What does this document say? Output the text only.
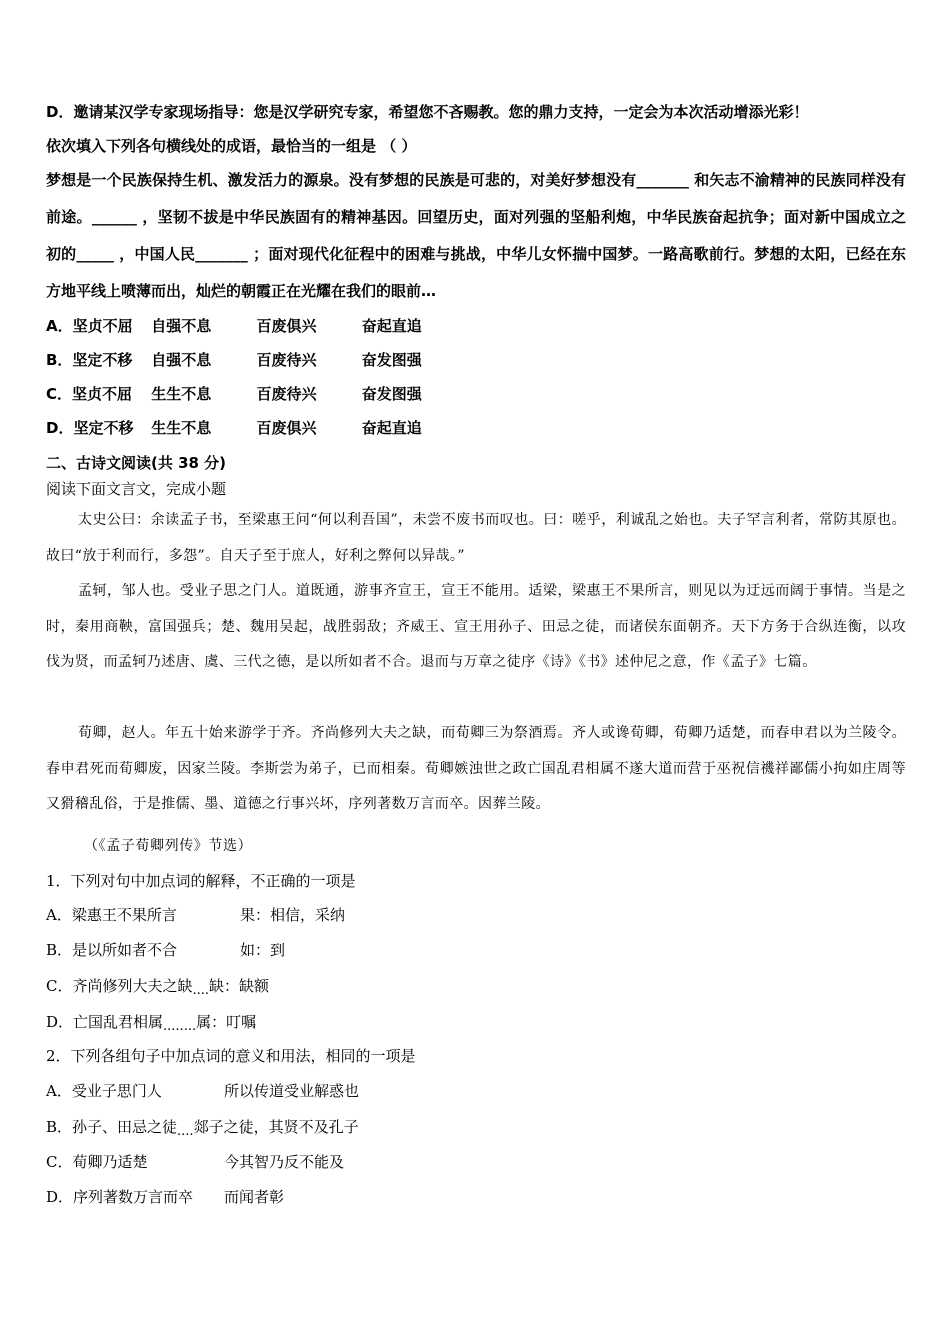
D．邀请某汉学专家现场指导：您是汉学研究专家，希望您不吝赐教。您的鼎力支持，一定会为本次活动增添光彩！
依次填入下列各句横线处的成语，最恰当的一组是 （ ）
梦想是一个民族保持生机、激发活力的源泉。没有梦想的民族是可悲的，对美好梦想没有_______ 和矢志不渝精神的民族同样没有前途。______ ，坚韧不拔是中华民族固有的精神基因。回望历史，面对列强的坚船利炮，中华民族奋起抗争；面对新中国成立之初的_____ ，中国人民_______ ；面对现代化征程中的困难与挑战，中华儿女怀揣中国梦。一路高歌前行。梦想的太阳，已经在东方地平线上喷薄而出，灿烂的朝霞正在光耀在我们的眼前…
A．坚贞不屈 自强不息	百废俱兴	奋起直追
B．坚定不移 自强不息	百废待兴	奋发图强
C．坚贞不屈 生生不息	百废待兴	奋发图强
D．坚定不移 生生不息	百废俱兴	奋起直追
二、古诗文阅读(共 38 分)
阅读下面文言文，完成小题
太史公曰：余读孟子书，至梁惠王问“何以利吾国”，未尝不废书而叹也。曰：嗟乎，利诚乱之始也。夫子罕言利者，常防其原也。故曰“放于利而行，多怨”。自天子至于庶人，好利之弊何以异哉。”
孟轲，邹人也。受业子思之门人。道既通，游事齐宣王，宣王不能用。适梁，梁惠王不果所言，则见以为迂远而阔于事情。当是之时，秦用商鞅，富国强兵；楚、魏用吴起，战胜弱敌；齐威王、宣王用孙子、田忌之徒，而诸侯东面朝齐。天下方务于合纵连衡，以攻伐为贤，而孟轲乃述唐、虞、三代之德，是以所如者不合。退而与万章之徒序《诗》《书》述仲尼之意，作《孟子》七篇。
荀卿，赵人。年五十始来游学于齐。齐尚修列大夫之缺，而荀卿三为祭酒焉。齐人或谗荀卿，荀卿乃适楚，而春申君以为兰陵令。春申君死而荀卿废，因家兰陵。李斯尝为弟子，已而相秦。荀卿嫉浊世之政亡国乱君相属不遂大道而营于巫祝信禨祥鄙儒小拘如庄周等又猾稽乱俗，于是推儒、墨、道德之行事兴坏，序列著数万言而卒。因葬兰陵。
（《孟子荀卿列传》节选）
1．下列对句中加点词的解释，不正确的一项是
A．梁惠王不果所言	果：相信，采纳
B．是以所如者不合	如：到
C．齐尚修列大夫之缺....缺：缺额
D．亡国乱君相属........属：叮嘱
2．下列各组句子中加点词的意义和用法，相同的一项是
A．受业子思门人	所以传道受业解惑也
B．孙子、田忌之徒....郯子之徒，其贤不及孔子
C．荀卿乃适楚	今其智乃反不能及
D．序列著数万言而卒 而闻者彰
